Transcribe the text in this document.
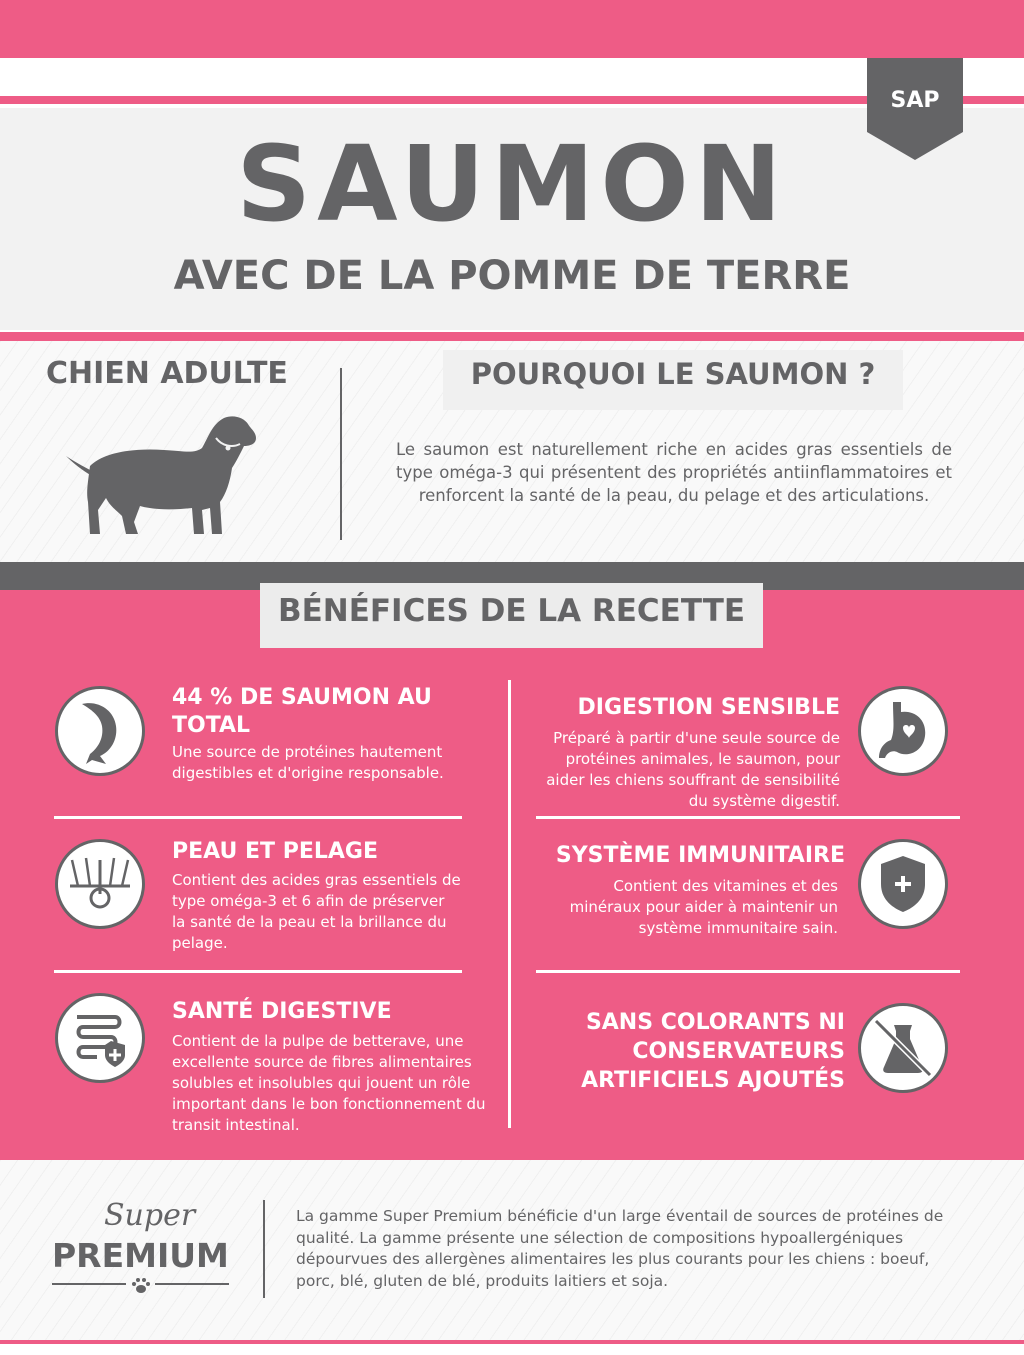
SAP
SAUMON
AVEC DE LA POMME DE TERRE
CHIEN ADULTE	POURQUOI LE SAUMON ?
Le saumon est naturellement riche en acides gras essentiels de type oméga-3 qui présentent des propriétés antiinflammatoires et renforcent la santé de la peau, du pelage et des articulations.
BÉNÉFICES DE LA RECETTE
44 % DE SAUMON AU TOTAL
Une source de protéines hautement digestibles et d'origine responsable.
DIGESTION SENSIBLE
Préparé à partir d'une seule source de protéines animales, le saumon, pour aider les chiens souffrant de sensibilité du système digestif.
PEAU ET PELAGE
Contient des acides gras essentiels de type oméga-3 et 6 afin de préserver la santé de la peau et la brillance du pelage.
SYSTÈME IMMUNITAIRE
Contient des vitamines et des minéraux pour aider à maintenir un système immunitaire sain.
SANTÉ DIGESTIVE
Contient de la pulpe de betterave, une excellente source de fibres alimentaires solubles et insolubles qui jouent un rôle important dans le bon fonctionnement du transit intestinal.
SANS COLORANTS NI CONSERVATEURS ARTIFICIELS AJOUTÉS
Super
PREMIUM
La gamme Super Premium bénéficie d'un large éventail de sources de protéines de qualité. La gamme présente une sélection de compositions hypoallergéniques dépourvues des allergènes alimentaires les plus courants pour les chiens : boeuf, porc, blé, gluten de blé, produits laitiers et soja.
